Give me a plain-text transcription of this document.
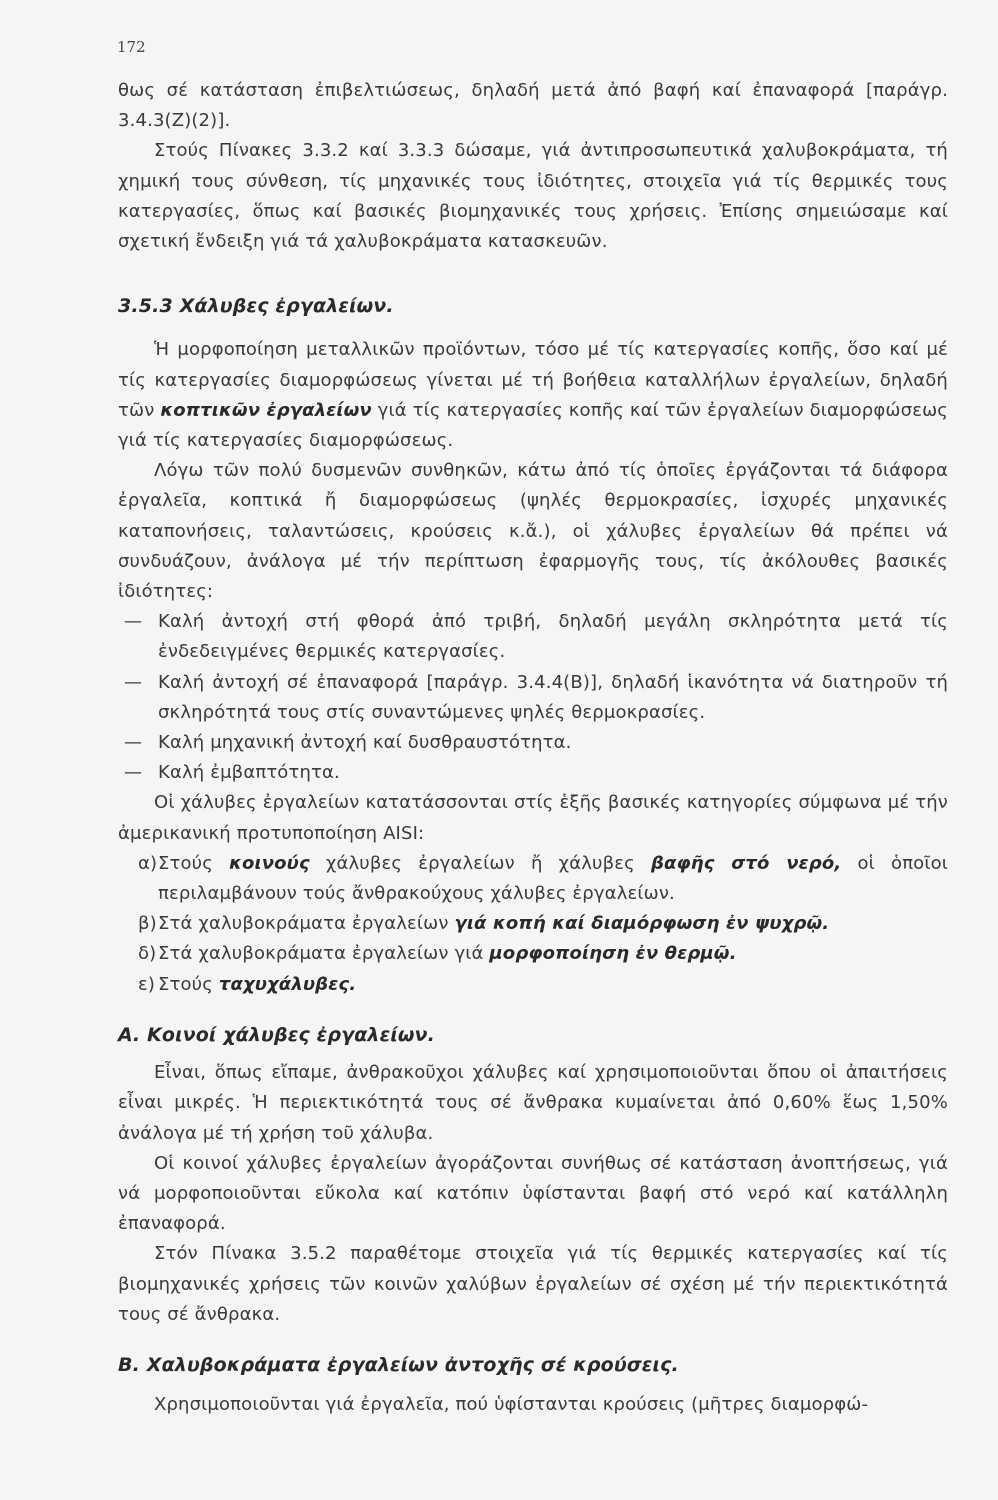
172

θως σέ κατάσταση ἐπιβελτιώσεως, δηλαδή μετά ἀπό βαφή καί ἐπαναφορά [παράγρ. 3.4.3(Ζ)(2)].

Στούς Πίνακες 3.3.2 καί 3.3.3 δώσαμε, γιά ἀντιπροσωπευτικά χαλυβοκράματα, τή χημική τους σύνθεση, τίς μηχανικές τους ἰδιότητες, στοιχεῖα γιά τίς θερμικές τους κατεργασίες, ὅπως καί βασικές βιομηχανικές τους χρήσεις. Ἐπίσης σημειώσαμε καί σχετική ἔνδειξη γιά τά χαλυβοκράματα κατασκευῶν.

3.5.3 Χάλυβες ἐργαλείων.

Ἡ μορφοποίηση μεταλλικῶν προϊόντων, τόσο μέ τίς κατεργασίες κοπῆς, ὅσο καί μέ τίς κατεργασίες διαμορφώσεως γίνεται μέ τή βοήθεια καταλλήλων ἐργαλείων, δηλαδή τῶν κοπτικῶν ἐργαλείων γιά τίς κατεργασίες κοπῆς καί τῶν ἐργαλείων διαμορφώσεως γιά τίς κατεργασίες διαμορφώσεως.

Λόγω τῶν πολύ δυσμενῶν συνθηκῶν, κάτω ἀπό τίς ὁποῖες ἐργάζονται τά διάφορα ἐργαλεῖα, κοπτικά ἤ διαμορφώσεως (ψηλές θερμοκρασίες, ἰσχυρές μηχανικές καταπονήσεις, ταλαντώσεις, κρούσεις κ.ἄ.), οἱ χάλυβες ἐργαλείων θά πρέπει νά συνδυάζουν, ἀνάλογα μέ τήν περίπτωση ἐφαρμογῆς τους, τίς ἀκόλουθες βασικές ἰδιότητες:

— Καλή ἀντοχή στή φθορά ἀπό τριβή, δηλαδή μεγάλη σκληρότητα μετά τίς ἐνδεδειγμένες θερμικές κατεργασίες.
— Καλή ἀντοχή σέ ἐπαναφορά [παράγρ. 3.4.4(Β)], δηλαδή ἱκανότητα νά διατηροῦν τή σκληρότητά τους στίς συναντώμενες ψηλές θερμοκρασίες.
— Καλή μηχανική ἀντοχή καί δυσθραυστότητα.
— Καλή ἐμβαπτότητα.

Οἱ χάλυβες ἐργαλείων κατατάσσονται στίς ἑξῆς βασικές κατηγορίες σύμφωνα μέ τήν ἀμερικανική προτυποποίηση AISI:

α) Στούς κοινούς χάλυβες ἐργαλείων ἤ χάλυβες βαφῆς στό νερό, οἱ ὁποῖοι περιλαμβάνουν τούς ἄνθρακούχους χάλυβες ἐργαλείων.
β) Στά χαλυβοκράματα ἐργαλείων γιά κοπή καί διαμόρφωση ἐν ψυχρῷ.
δ) Στά χαλυβοκράματα ἐργαλείων γιά μορφοποίηση ἐν θερμῷ.
ε) Στούς ταχυχάλυβες.
Α. Κοινοί χάλυβες ἐργαλείων.

Εἶναι, ὅπως εἴπαμε, ἀνθρακοῦχοι χάλυβες καί χρησιμοποιοῦνται ὅπου οἱ ἀπαιτήσεις εἶναι μικρές. Ἡ περιεκτικότητά τους σέ ἄνθρακα κυμαίνεται ἀπό 0,60% ἕως 1,50% ἀνάλογα μέ τή χρήση τοῦ χάλυβα.

Οἱ κοινοί χάλυβες ἐργαλείων ἀγοράζονται συνήθως σέ κατάσταση ἀνοπτήσεως, γιά νά μορφοποιοῦνται εὔκολα καί κατόπιν ὑφίστανται βαφή στό νερό καί κατάλληλη ἐπαναφορά.

Στόν Πίνακα 3.5.2 παραθέτομε στοιχεῖα γιά τίς θερμικές κατεργασίες καί τίς βιομηχανικές χρήσεις τῶν κοινῶν χαλύβων ἐργαλείων σέ σχέση μέ τήν περιεκτικότητά τους σέ ἄνθρακα.

Β. Χαλυβοκράματα ἐργαλείων ἀντοχῆς σέ κρούσεις.

Χρησιμοποιοῦνται γιά ἐργαλεῖα, πού ὑφίστανται κρούσεις (μῆτρες διαμορφώ-
